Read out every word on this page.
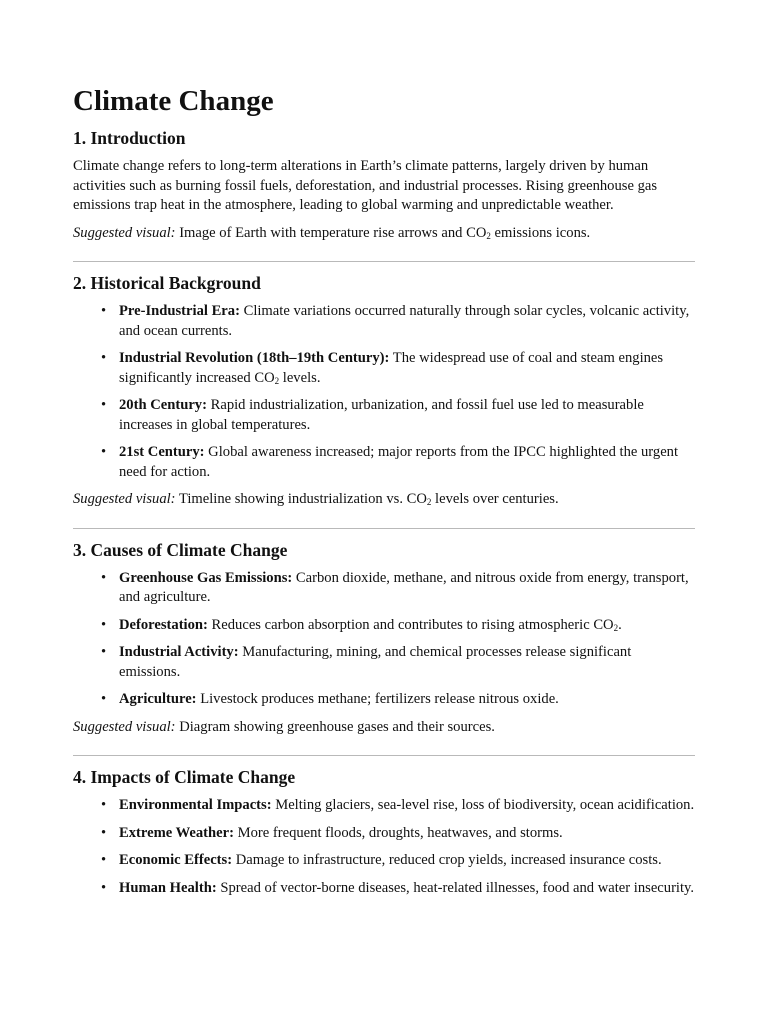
Climate Change
1. Introduction

Climate change refers to long-term alterations in Earth’s climate patterns, largely driven by human activities such as burning fossil fuels, deforestation, and industrial processes. Rising greenhouse gas emissions trap heat in the atmosphere, leading to global warming and unpredictable weather.

Suggested visual: Image of Earth with temperature rise arrows and $CO_2$ emissions icons.

2. Historical Background
• Pre-Industrial Era: Climate variations occurred naturally through solar cycles, volcanic activity, and ocean currents.
• Industrial Revolution (18th–19th Century): The widespread use of coal and steam engines significantly increased $CO_2$ levels.
• 20th Century: Rapid industrialization, urbanization, and fossil fuel use led to measurable increases in global temperatures.
• 21st Century: Global awareness increased; major reports from the IPCC highlighted the urgent need for action.

Suggested visual: Timeline showing industrialization vs. $CO_2$ levels over centuries.

3. Causes of Climate Change
• Greenhouse Gas Emissions: Carbon dioxide, methane, and nitrous oxide from energy, transport, and agriculture.
• Deforestation: Reduces carbon absorption and contributes to rising atmospheric $CO_2$.
• Industrial Activity: Manufacturing, mining, and chemical processes release significant emissions.
• Agriculture: Livestock produces methane; fertilizers release nitrous oxide.

Suggested visual: Diagram showing greenhouse gases and their sources.

4. Impacts of Climate Change
• Environmental Impacts: Melting glaciers, sea-level rise, loss of biodiversity, ocean acidification.
• Extreme Weather: More frequent floods, droughts, heatwaves, and storms.
• Economic Effects: Damage to infrastructure, reduced crop yields, increased insurance costs.
• Human Health: Spread of vector-borne diseases, heat-related illnesses, food and water insecurity.
